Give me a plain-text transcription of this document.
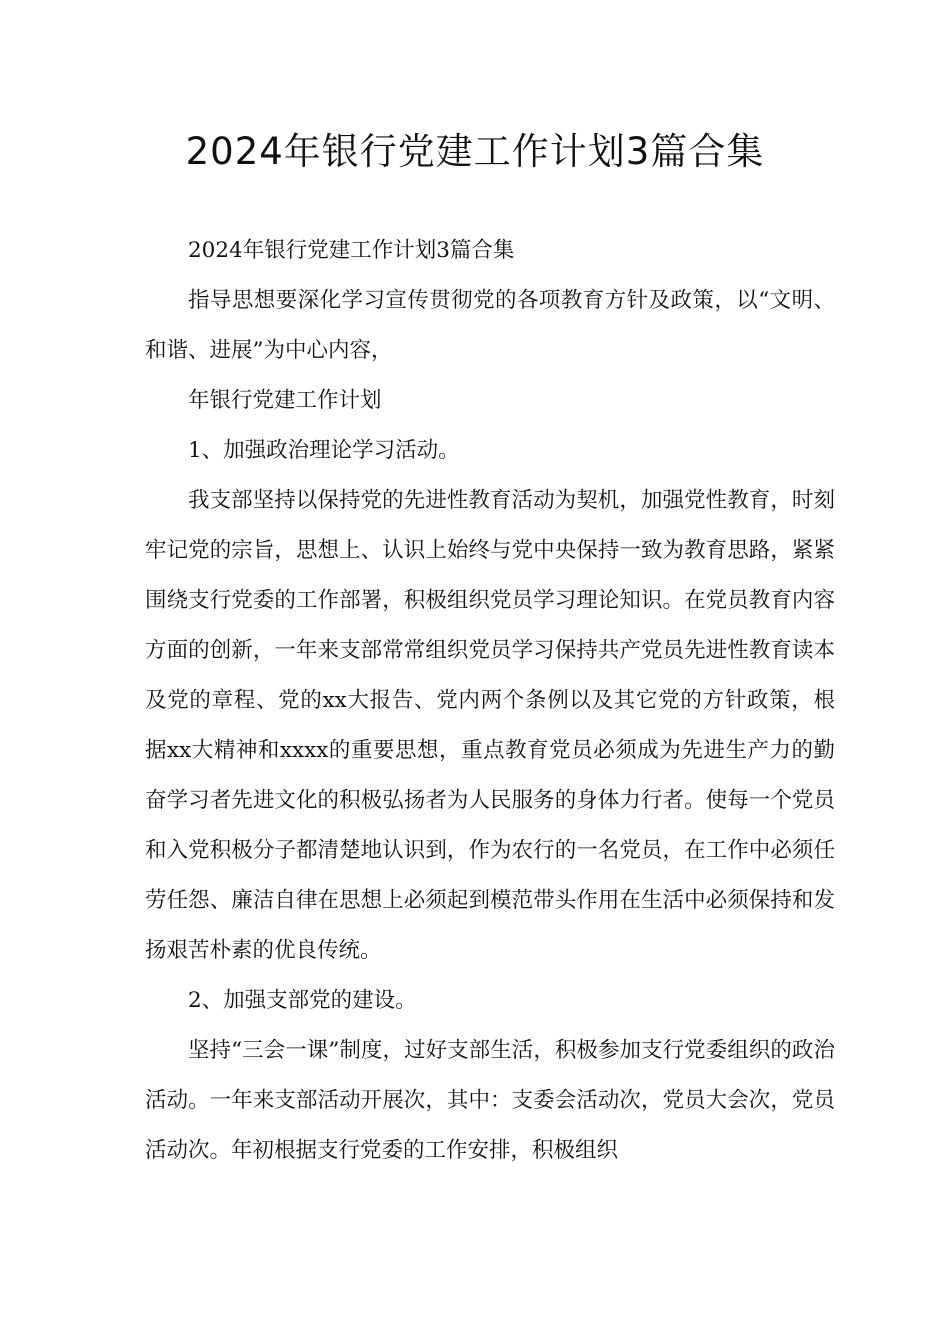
2024年银行党建工作计划3篇合集

2024年银行党建工作计划3篇合集

指导思想要深化学习宣传贯彻党的各项教育方针及政策，以“文明、和谐、进展”为中心内容，

年银行党建工作计划

1、加强政治理论学习活动。

我支部坚持以保持党的先进性教育活动为契机，加强党性教育，时刻牢记党的宗旨，思想上、认识上始终与党中央保持一致为教育思路，紧紧围绕支行党委的工作部署，积极组织党员学习理论知识。在党员教育内容方面的创新，一年来支部常常组织党员学习保持共产党员先进性教育读本及党的章程、党的xx大报告、党内两个条例以及其它党的方针政策，根据xx大精神和xxxx的重要思想，重点教育党员必须成为先进生产力的勤奋学习者先进文化的积极弘扬者为人民服务的身体力行者。使每一个党员和入党积极分子都清楚地认识到，作为农行的一名党员，在工作中必须任劳任怨、廉洁自律在思想上必须起到模范带头作用在生活中必须保持和发扬艰苦朴素的优良传统。

2、加强支部党的建设。

坚持“三会一课”制度，过好支部生活，积极参加支行党委组织的政治活动。一年来支部活动开展次，其中：支委会活动次，党员大会次，党员活动次。年初根据支行党委的工作安排，积极组织
